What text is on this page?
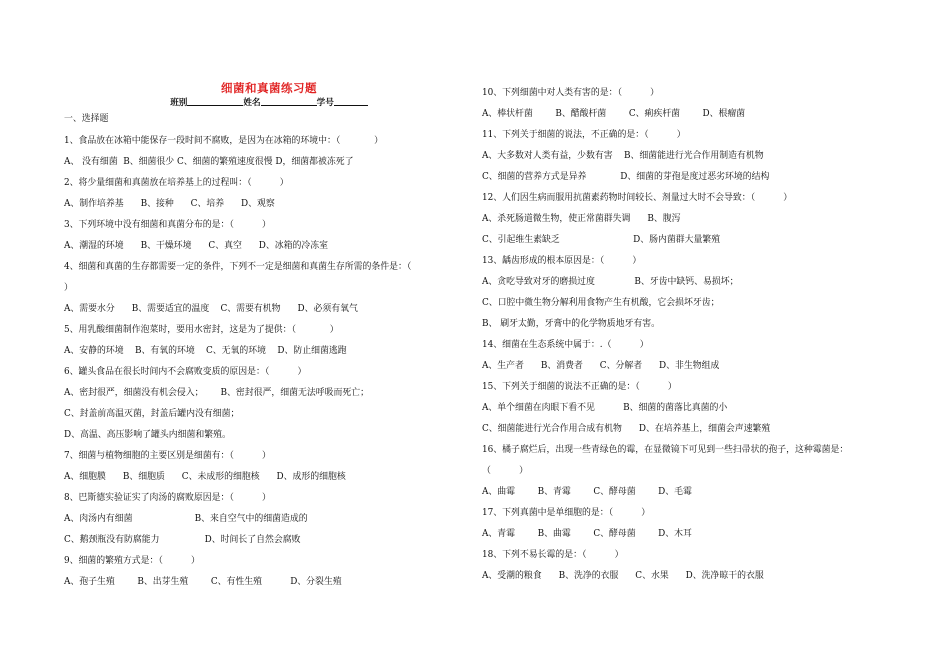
细菌和真菌练习题
班别	姓名	学号
一、选择题
1、食品放在冰箱中能保存一段时间不腐败，是因为在冰箱的环境中：（            ）
A、 没有细菌  B、细菌很少 C、细菌的繁殖速度很慢 D，细菌都被冻死了
2、将少量细菌和真菌放在培养基上的过程叫：（          ）
A、制作培养基      B、接种      C、培养      D、观察
3、下列环境中没有细菌和真菌分布的是：（          ）
A、潮湿的环境      B、干燥环境      C、真空      D、冰箱的冷冻室
4、细菌和真菌的生存都需要一定的条件，下列不一定是细菌和真菌生存所需的条件是：（
）
A、需要水分      B、需要适宜的温度    C、需要有机物      D、必须有氧气
5、用乳酸细菌制作泡菜时，要用水密封，这是为了提供：（            ）
A、安静的环境    B、有氧的环境    C、无氧的环境    D、防止细菌逃跑
6、罐头食品在很长时间内不会腐败变质的原因是：（          ）
A、密封很严，细菌没有机会侵入；      B、密封很严，细菌无法呼吸而死亡；
C、封盖前高温灭菌，封盖后罐内没有细菌；
D、高温、高压影响了罐头内细菌和繁殖。
7、细菌与植物细胞的主要区别是细菌有：（          ）
A、细胞膜      B、细胞质      C、未成形的细胞核      D、成形的细胞核
8、巴斯德实验证实了肉汤的腐败原因是：（          ）
A、肉汤内有细菌                      B、来自空气中的细菌造成的
C、鹅颈瓶没有防腐能力                D、时间长了自然会腐败
9、细菌的繁殖方式是：（          ）
A、孢子生殖        B、出芽生殖        C、有性生殖          D、分裂生殖
10、下列细菌中对人类有害的是：（          ）
A、棒状杆菌        B、醋酸杆菌        C、痢疾杆菌        D、根瘤菌
11、下列关于细菌的说法，不正确的是：（          ）
A、大多数对人类有益，少数有害    B、细菌能进行光合作用制造有机物
C、细菌的营养方式是异养            D、细菌的芽孢是度过恶劣环境的结构
12、人们因生病而服用抗菌素药物时间较长、剂量过大时不会导致：（          ）
A、杀死肠道微生物，使正常菌群失调      B、腹泻
C、引起维生素缺乏                          D、肠内菌群大量繁殖
13、龋齿形成的根本原因是：（          ）
A、贪吃导致对牙的磨损过度              B、牙齿中缺钙、易损坏；
C、口腔中微生物分解利用食物产生有机酸，它会损坏牙齿；
B、 刷牙太勤，牙膏中的化学物质地牙有害。
14、细菌在生态系统中属于：.（          ）
A、生产者      B、消费者      C、分解者      D、非生物组成
15、下列关于细菌的说法不正确的是：（          ）
A、单个细菌在肉眼下看不见          B、细菌的菌落比真菌的小
C、细菌能进行光合作用合成有机物      D、在培养基上，细菌会声速繁殖
16、橘子腐烂后，出现一些青绿色的霉，在显微镜下可见到一些扫帚状的孢子，这种霉菌是：
（          ）
A、曲霉        B、青霉        C、酵母菌        D、毛霉
17、下列真菌中是单细胞的是：（          ）
A、青霉        B、曲霉        C、酵母菌        D、木耳
18、下列不易长霉的是：（          ）
A、受潮的粮食      B、洗净的衣服      C、水果      D、洗净晾干的衣服
